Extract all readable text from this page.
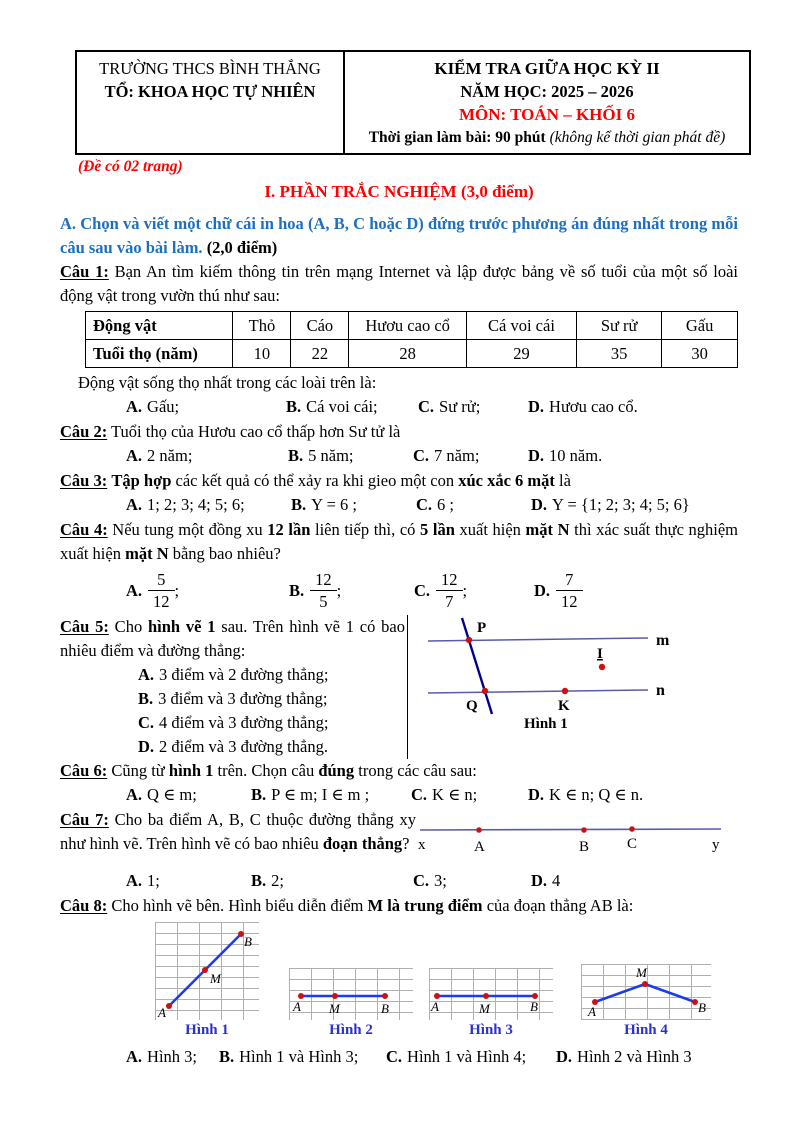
TRƯỜNG THCS BÌNH THẮNG
TỔ: KHOA HỌC TỰ NHIÊN
KIỂM TRA GIỮA HỌC KỲ II
NĂM HỌC: 2025 – 2026
MÔN: TOÁN – KHỐI 6
Thời gian làm bài: 90 phút (không kể thời gian phát đề)
(Đề có 02 trang)
I. PHẦN TRẮC NGHIỆM (3,0 điểm)

A. Chọn và viết một chữ cái in hoa (A, B, C hoặc D) đứng trước phương án đúng nhất trong mỗi câu sau vào bài làm. (2,0 điểm)

Câu 1: Bạn An tìm kiếm thông tin trên mạng Internet và lập được bảng về số tuổi của một số loài động vật trong vườn thú như sau:

Động vật	Thỏ	Cáo	Hươu cao cổ	Cá voi cái	Sư rử	Gấu
Tuổi thọ (năm)	10	22	28	29	35	30

Động vật sống thọ nhất trong các loài trên là:

A. Gấu;	B. Cá voi cái;	C. Sư rử;	D. Hươu cao cổ.

Câu 2: Tuổi thọ của Hươu cao cổ thấp hơn Sư tử là

A. 2 năm;	B. 5 năm;	C. 7 năm;	D. 10 năm.

Câu 3: Tập hợp các kết quả có thể xảy ra khi gieo một con xúc xắc 6 mặt là

A. 1; 2; 3; 4; 5; 6;	B. Y = 6 ;	C. 6 ;	D. Y = {1; 2; 3; 4; 5; 6}

Câu 4: Nếu tung một đồng xu 12 lần liên tiếp thì, có 5 lần xuất hiện mặt N thì xác suất thực nghiệm xuất hiện mặt N bằng bao nhiêu?

A. $\frac{5}{12}$ ;	B. $\frac{12}{5}$ ;	C. $\frac{12}{7}$ ;	D. $\frac{7}{12}$

Câu 5: Cho hình vẽ 1 sau. Trên hình vẽ 1 có bao nhiêu điểm và đường thẳng:

A. 3 điểm và 2 đường thẳng;
B. 3 điểm và 3 đường thẳng;
C. 4 điểm và 3 đường thẳng;
D. 2 điểm và 3 đường thẳng.
P
m
I
n
Q	K
Hình 1

Câu 6: Cũng từ hình 1 trên. Chọn câu đúng trong các câu sau:

A. Q ∈ m;	B. P ∈ m; I ∈ m ;	C. K ∈ n;	D. K ∈ n; Q ∈ n.

Câu 7: Cho ba điểm A, B, C thuộc đường thẳng xy như hình vẽ. Trên hình vẽ có bao nhiêu đoạn thẳng? x	A	B	C	y
A. 1;	B. 2;	C. 3;	D. 4

Câu 8: Cho hình vẽ bên. Hình biểu diễn điểm M là trung điểm của đoạn thẳng AB là:

A
M
B
Hình 1
A M	B
Hình 2
A	M	B
Hình 3
A
M
B
Hình 4
A. Hình 3;	B. Hình 1 và Hình 3;	C. Hình 1 và Hình 4;	D. Hình 2 và Hình 3
